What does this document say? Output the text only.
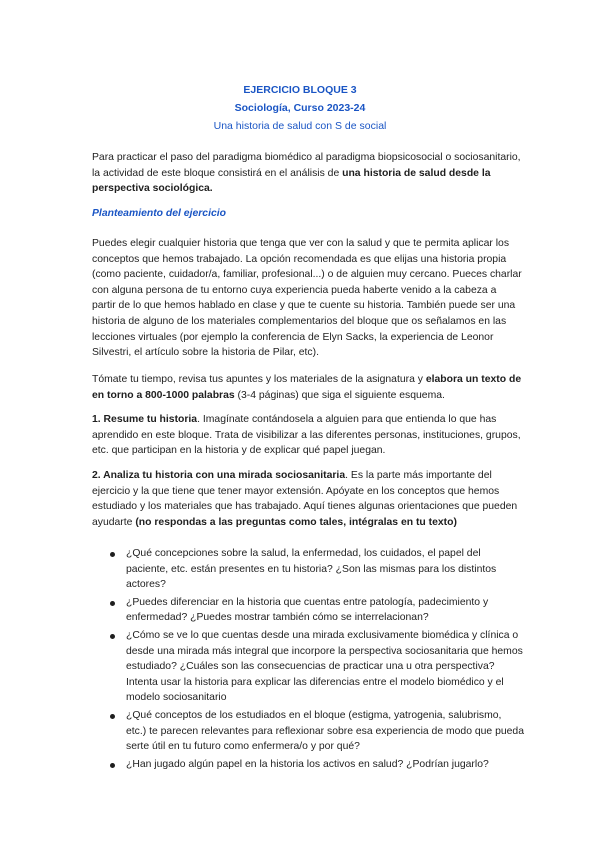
EJERCICIO BLOQUE 3
Sociología, Curso 2023-24
Una historia de salud con S de social
Para practicar el paso del paradigma biomédico al paradigma biopsicosocial o sociosanitario, la actividad de este bloque consistirá en el análisis de una historia de salud desde la perspectiva sociológica.
Planteamiento del ejercicio
Puedes elegir cualquier historia que tenga que ver con la salud y que te permita aplicar los conceptos que hemos trabajado. La opción recomendada es que elijas una historia propia (como paciente, cuidador/a, familiar, profesional...) o de alguien muy cercano. Pueces charlar con alguna persona de tu entorno cuya experiencia pueda haberte venido a la cabeza a partir de lo que hemos hablado en clase y que te cuente su historia. También puede ser una historia de alguno de los materiales complementarios del bloque que os señalamos en las lecciones virtuales (por ejemplo la conferencia de Elyn Sacks, la experiencia de Leonor Silvestri, el artículo sobre la historia de Pilar, etc).
Tómate tu tiempo, revisa tus apuntes y los materiales de la asignatura y elabora un texto de en torno a 800-1000 palabras (3-4 páginas) que siga el siguiente esquema.
1. Resume tu historia. Imagínate contándosela a alguien para que entienda lo que has aprendido en este bloque. Trata de visibilizar a las diferentes personas, instituciones, grupos, etc. que participan en la historia y de explicar qué papel juegan.
2. Analiza tu historia con una mirada sociosanitaria. Es la parte más importante del ejercicio y la que tiene que tener mayor extensión. Apóyate en los conceptos que hemos estudiado y los materiales que has trabajado. Aquí tienes algunas orientaciones que pueden ayudarte (no respondas a las preguntas como tales, intégralas en tu texto)
¿Qué concepciones sobre la salud, la enfermedad, los cuidados, el papel del paciente, etc. están presentes en tu historia? ¿Son las mismas para los distintos actores?
¿Puedes diferenciar en la historia que cuentas entre patología, padecimiento y enfermedad? ¿Puedes mostrar también cómo se interrelacionan?
¿Cómo se ve lo que cuentas desde una mirada exclusivamente biomédica y clínica o desde una mirada más integral que incorpore la perspectiva sociosanitaria que hemos estudiado? ¿Cuáles son las consecuencias de practicar una u otra perspectiva? Intenta usar la historia para explicar las diferencias entre el modelo biomédico y el modelo sociosanitario
¿Qué conceptos de los estudiados en el bloque (estigma, yatrogenia, salubrismo, etc.) te parecen relevantes para reflexionar sobre esa experiencia de modo que pueda serte útil en tu futuro como enfermera/o y por qué?
¿Han jugado algún papel en la historia los activos en salud? ¿Podrían jugarlo?
